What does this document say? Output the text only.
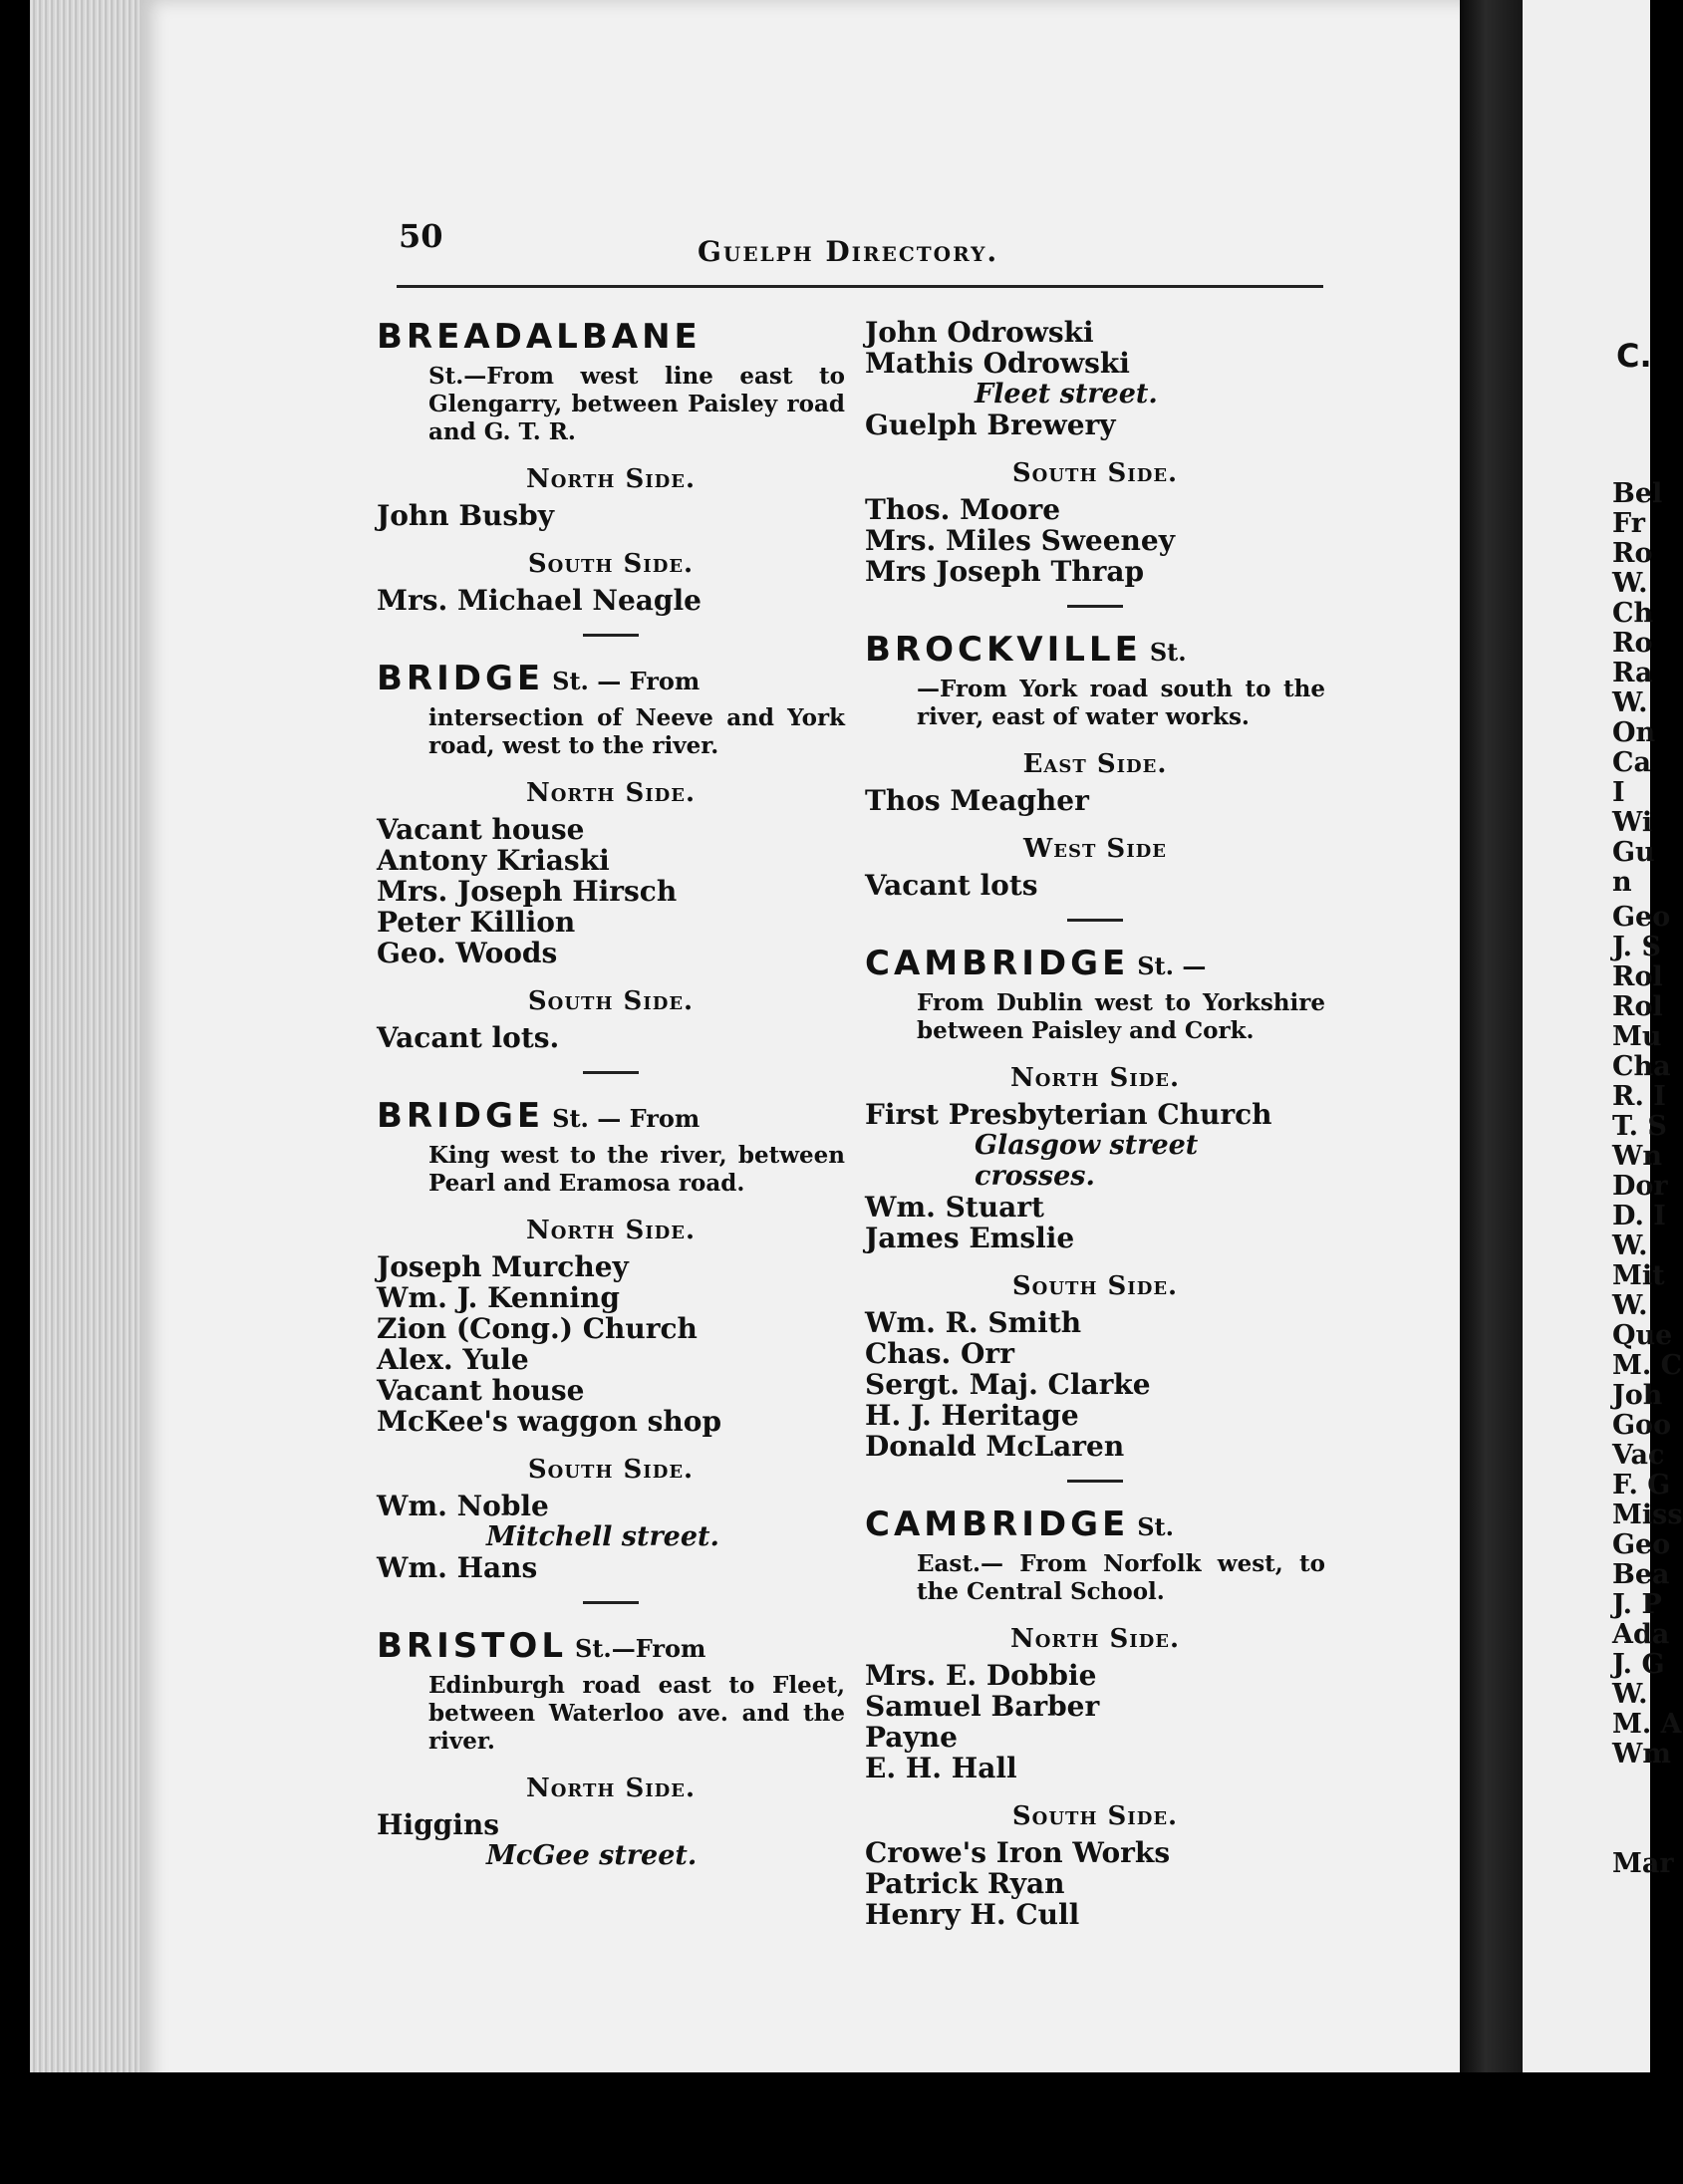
C.
Bel
Fr
Ro
W.
Ch
Ro
Ra
W.
On
Ca
I
Wi
Gu
n
Geo
J. S
Rol
Rol
Mu
Cha
R. I
T. S
Wn
Dor
D. I
W.
Mit
W.
Que
M. C
Joh
Goo
Vac
F. G
Miss
Geo
Bea
J. P
Ada
J. G
W.
M. A
Wm
Mar
50	Guelph Directory.
BREADALBANE
St.—From west line east to Glengarry, between Paisley road and G. T. R.
North Side.
John Busby
South Side.
Mrs. Michael Neagle
BRIDGE St. — From
intersection of Neeve and York road, west to the river.
North Side.
Vacant house
Antony Kriaski
Mrs. Joseph Hirsch
Peter Killion
Geo. Woods
South Side.
Vacant lots.
BRIDGE St. — From
King west to the river, between Pearl and Eramosa road.
North Side.
Joseph Murchey
Wm. J. Kenning
Zion (Cong.) Church
Alex. Yule
Vacant house
McKee's waggon shop
South Side.
Wm. Noble
Mitchell street.
Wm. Hans
BRISTOL St.—From
Edinburgh road east to Fleet, between Waterloo ave. and the river.
North Side.
Higgins
McGee street.
John Odrowski
Mathis Odrowski
Fleet street.
Guelph Brewery
South Side.
Thos. Moore
Mrs. Miles Sweeney
Mrs Joseph Thrap
BROCKVILLE St.
—From York road south to the river, east of water works.
East Side.
Thos Meagher
West Side
Vacant lots
CAMBRIDGE St. —
From Dublin west to Yorkshire between Paisley and Cork.
North Side.
First Presbyterian Church
Glasgow street crosses.
Wm. Stuart
James Emslie
South Side.
Wm. R. Smith
Chas. Orr
Sergt. Maj. Clarke
H. J. Heritage
Donald McLaren
CAMBRIDGE St.
East.— From Norfolk west, to the Central School.
North Side.
Mrs. E. Dobbie
Samuel Barber
Payne
E. H. Hall
South Side.
Crowe's Iron Works
Patrick Ryan
Henry H. Cull
